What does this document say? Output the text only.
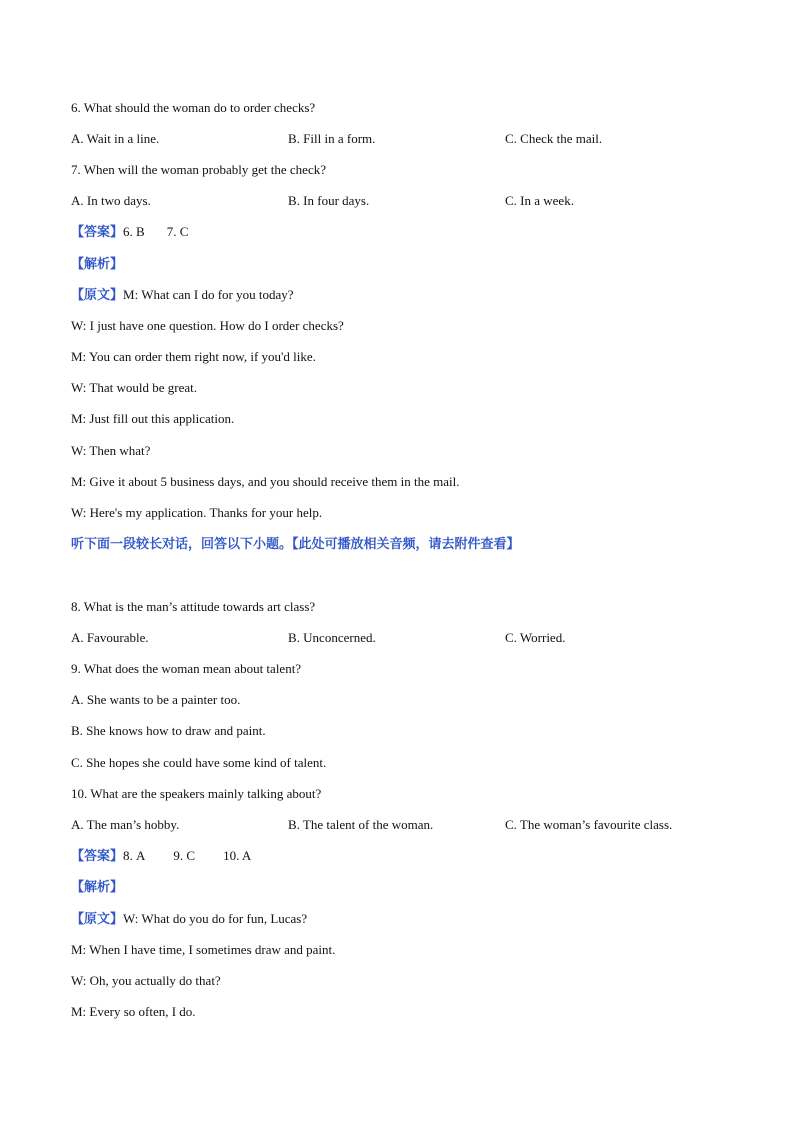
6. What should the woman do to order checks?
A. Wait in a line.	B. Fill in a form.	C. Check the mail.
7. When will the woman probably get the check?
A. In two days.	B. In four days.	C. In a week.
【答案】6. B 7. C
【解析】
【原文】M: What can I do for you today?
W: I just have one question. How do I order checks?
M: You can order them right now, if you'd like.
W: That would be great.
M: Just fill out this application.
W: Then what?
M: Give it about 5 business days, and you should receive them in the mail.
W: Here's my application. Thanks for your help.
听下面一段较长对话，回答以下小题。【此处可播放相关音频，请去附件查看】
8. What is the man’s attitude towards art class?
A. Favourable.	B. Unconcerned.	C. Worried.
9. What does the woman mean about talent?
A. She wants to be a painter too.
B. She knows how to draw and paint.
C. She hopes she could have some kind of talent.
10. What are the speakers mainly talking about?
A. The man’s hobby.	B. The talent of the woman.	C. The woman’s favourite class.
【答案】8. A 9. C 10. A
【解析】
【原文】W: What do you do for fun, Lucas?
M: When I have time, I sometimes draw and paint.
W: Oh, you actually do that?
M: Every so often, I do.
